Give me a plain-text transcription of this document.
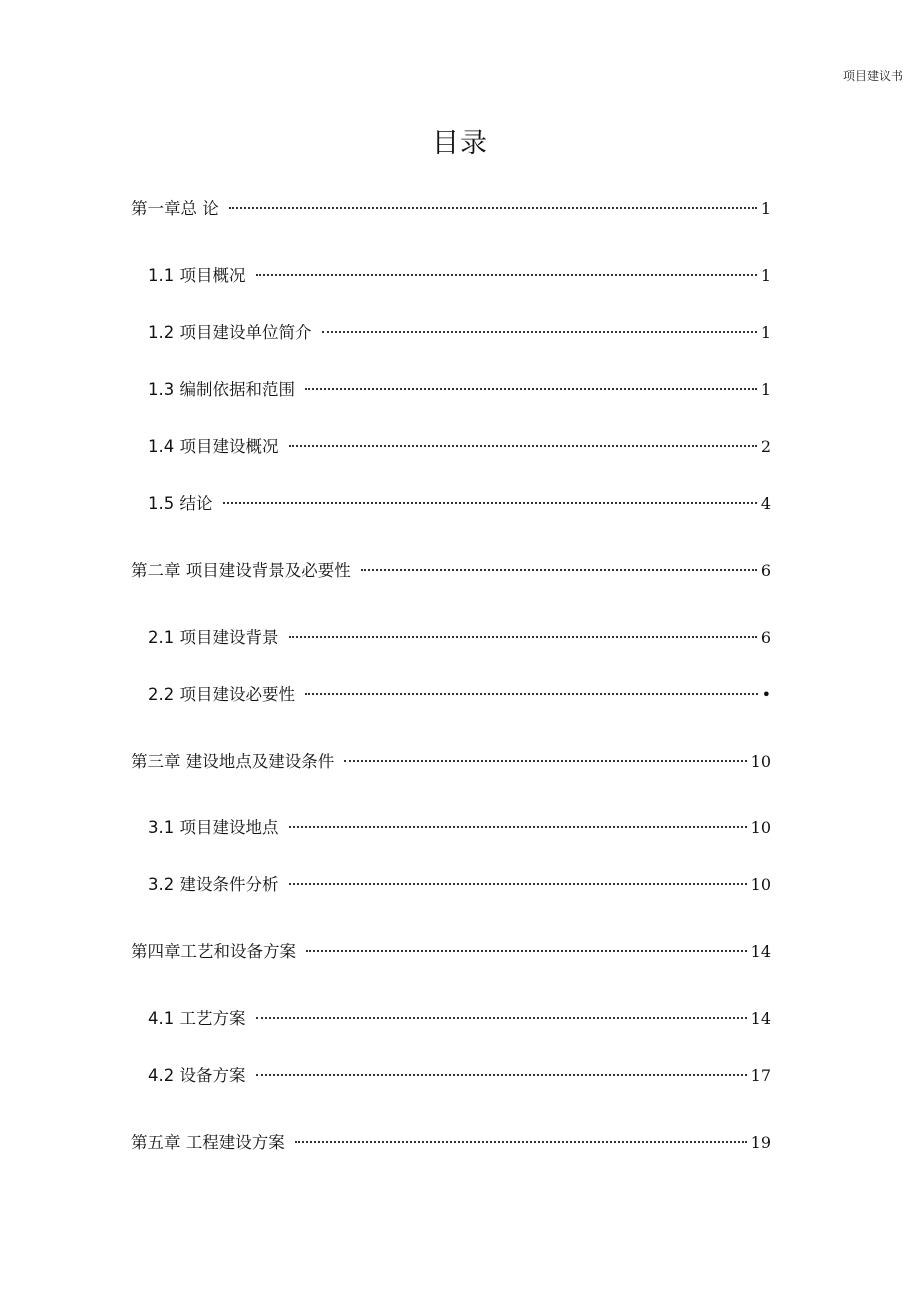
项目建议书
目录
第一章总 论	1
1.1 项目概况	1
1.2 项目建设单位简介	1
1.3 编制依据和范围	1
1.4 项目建设概况	2
1.5 结论	4
第二章 项目建设背景及必要性	6
2.1 项目建设背景	6
2.2 项目建设必要性	•
第三章 建设地点及建设条件	10
3.1 项目建设地点	10
3.2 建设条件分析	10
第四章工艺和设备方案	14
4.1 工艺方案	14
4.2 设备方案	17
第五章 工程建设方案	19
